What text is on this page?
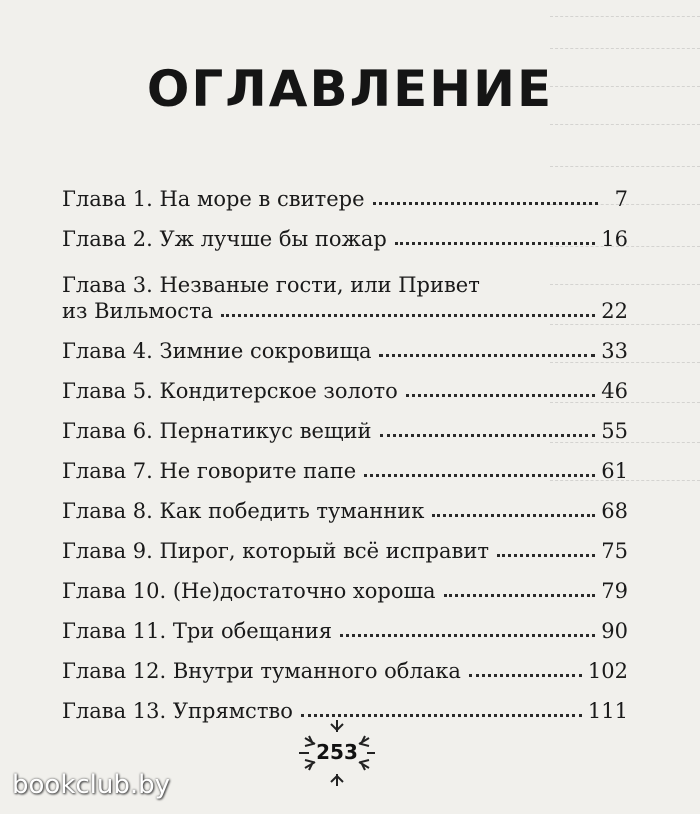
ОГЛАВЛЕНИЕ
Глава 1. На море в свитере	7
Глава 2. Уж лучше бы пожар	16
Глава 3. Незваные гости, или Привет
из Вильмоста	22
Глава 4. Зимние сокровища	33
Глава 5. Кондитерское золото	46
Глава 6. Пернатикус вещий	55
Глава 7. Не говорите папе	61
Глава 8. Как победить туманник	68
Глава 9. Пирог, который всё исправит	75
Глава 10. (Не)достаточно хороша	79
Глава 11. Три обещания	90
Глава 12. Внутри туманного облака	102
Глава 13. Упрямство	111
253
bookclub.by
